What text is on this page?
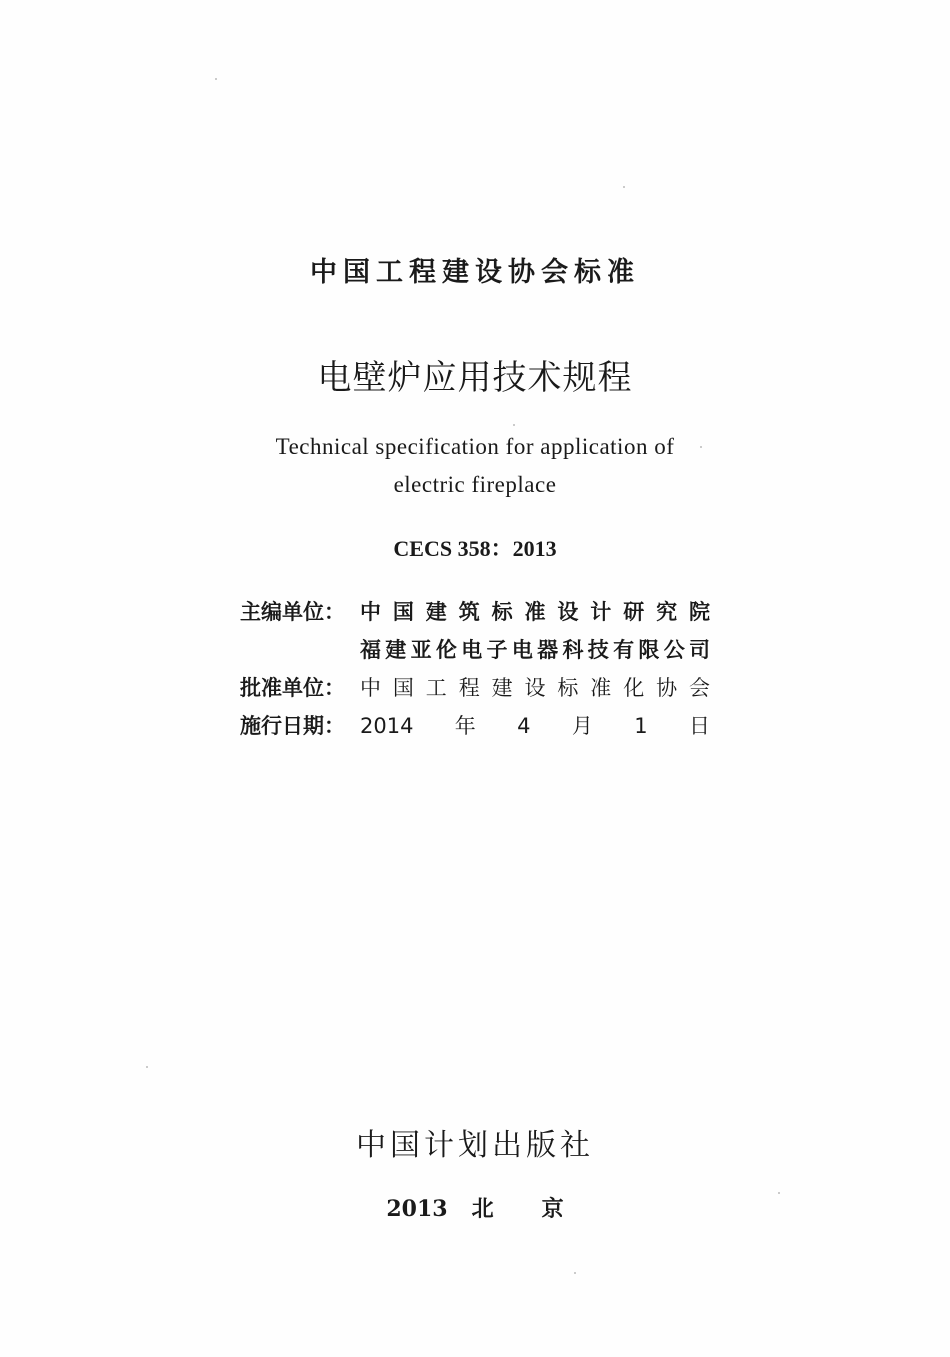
中国工程建设协会标准
电壁炉应用技术规程
Technical specification for application of
electric fireplace
CECS 358：2013
主编单位： 中国建筑标准设计研究院
福建亚伦电子电器科技有限公司
批准单位： 中国工程建设标准化协会
施行日期： 2014年4月1日
中国计划出版社
2013 北京
